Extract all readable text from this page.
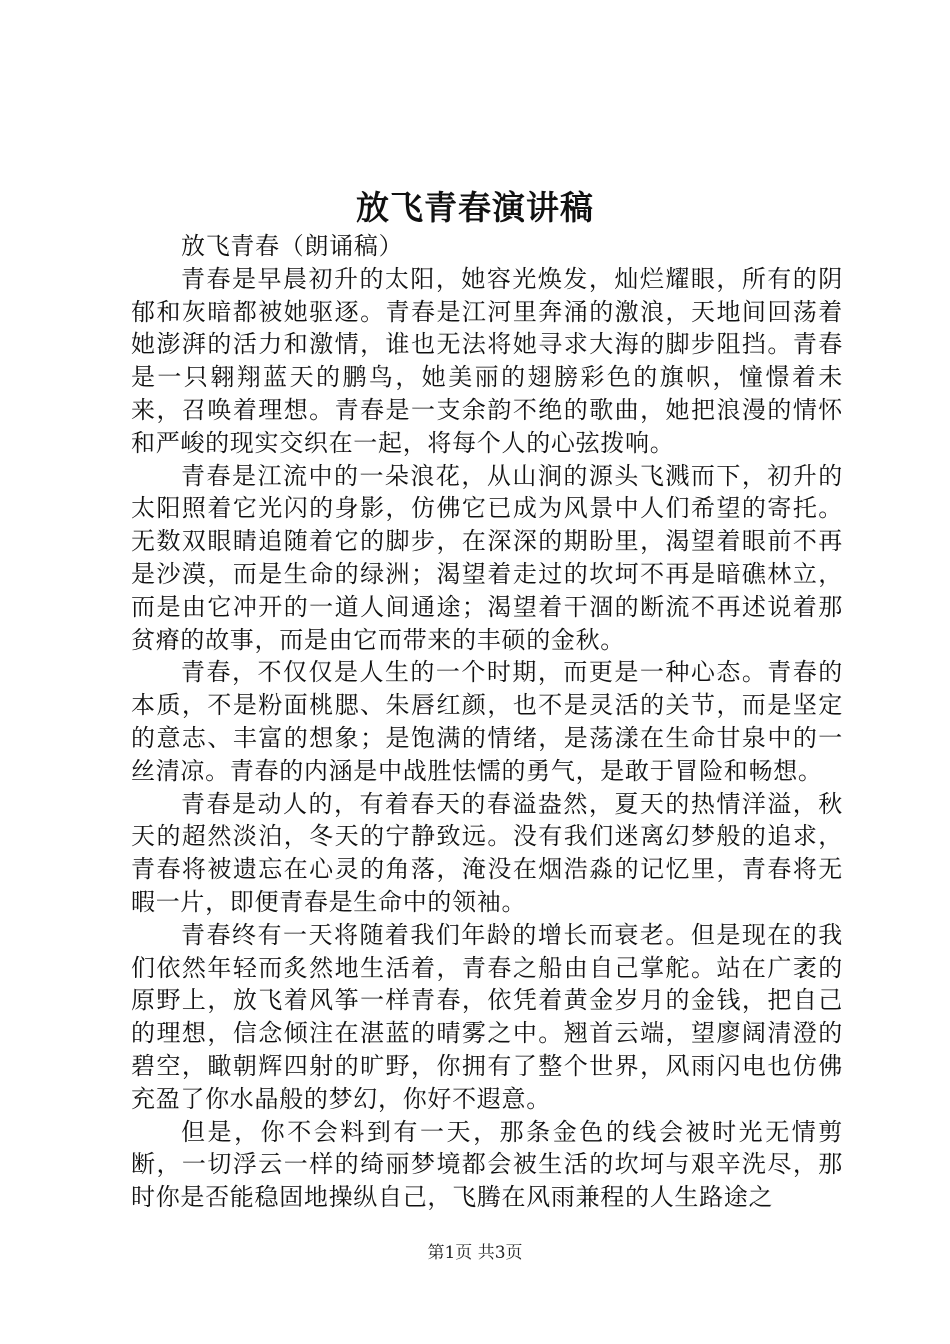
放飞青春演讲稿
放飞青春（朗诵稿）

青春是早晨初升的太阳，她容光焕发，灿烂耀眼，所有的阴郁和灰暗都被她驱逐。青春是江河里奔涌的激浪，天地间回荡着她澎湃的活力和激情，谁也无法将她寻求大海的脚步阻挡。青春是一只翱翔蓝天的鹏鸟，她美丽的翅膀彩色的旗帜，憧憬着未来，召唤着理想。青春是一支余韵不绝的歌曲，她把浪漫的情怀和严峻的现实交织在一起，将每个人的心弦拨响。

青春是江流中的一朵浪花，从山涧的源头飞溅而下，初升的太阳照着它光闪的身影，仿佛它已成为风景中人们希望的寄托。无数双眼睛追随着它的脚步，在深深的期盼里，渴望着眼前不再是沙漠，而是生命的绿洲；渴望着走过的坎坷不再是暗礁林立，而是由它冲开的一道人间通途；渴望着干涸的断流不再述说着那贫瘠的故事，而是由它而带来的丰硕的金秋。

青春，不仅仅是人生的一个时期，而更是一种心态。青春的本质，不是粉面桃腮、朱唇红颜，也不是灵活的关节，而是坚定的意志、丰富的想象；是饱满的情绪，是荡漾在生命甘泉中的一丝清凉。青春的内涵是中战胜怯懦的勇气，是敢于冒险和畅想。

青春是动人的，有着春天的春溢盎然，夏天的热情洋溢，秋天的超然淡泊，冬天的宁静致远。没有我们迷离幻梦般的追求，青春将被遗忘在心灵的角落，淹没在烟浩淼的记忆里，青春将无暇一片，即便青春是生命中的领袖。

青春终有一天将随着我们年龄的增长而衰老。但是现在的我们依然年轻而炙然地生活着，青春之船由自己掌舵。站在广袤的原野上，放飞着风筝一样青春，依凭着黄金岁月的金钱，把自己的理想，信念倾注在湛蓝的晴雾之中。翘首云端，望廖阔清澄的碧空，瞰朝辉四射的旷野，你拥有了整个世界，风雨闪电也仿佛充盈了你水晶般的梦幻，你好不遐意。

但是，你不会料到有一天，那条金色的线会被时光无情剪断，一切浮云一样的绮丽梦境都会被生活的坎坷与艰辛洗尽，那时你是否能稳固地操纵自己，飞腾在风雨兼程的人生路途之

第1页 共3页
